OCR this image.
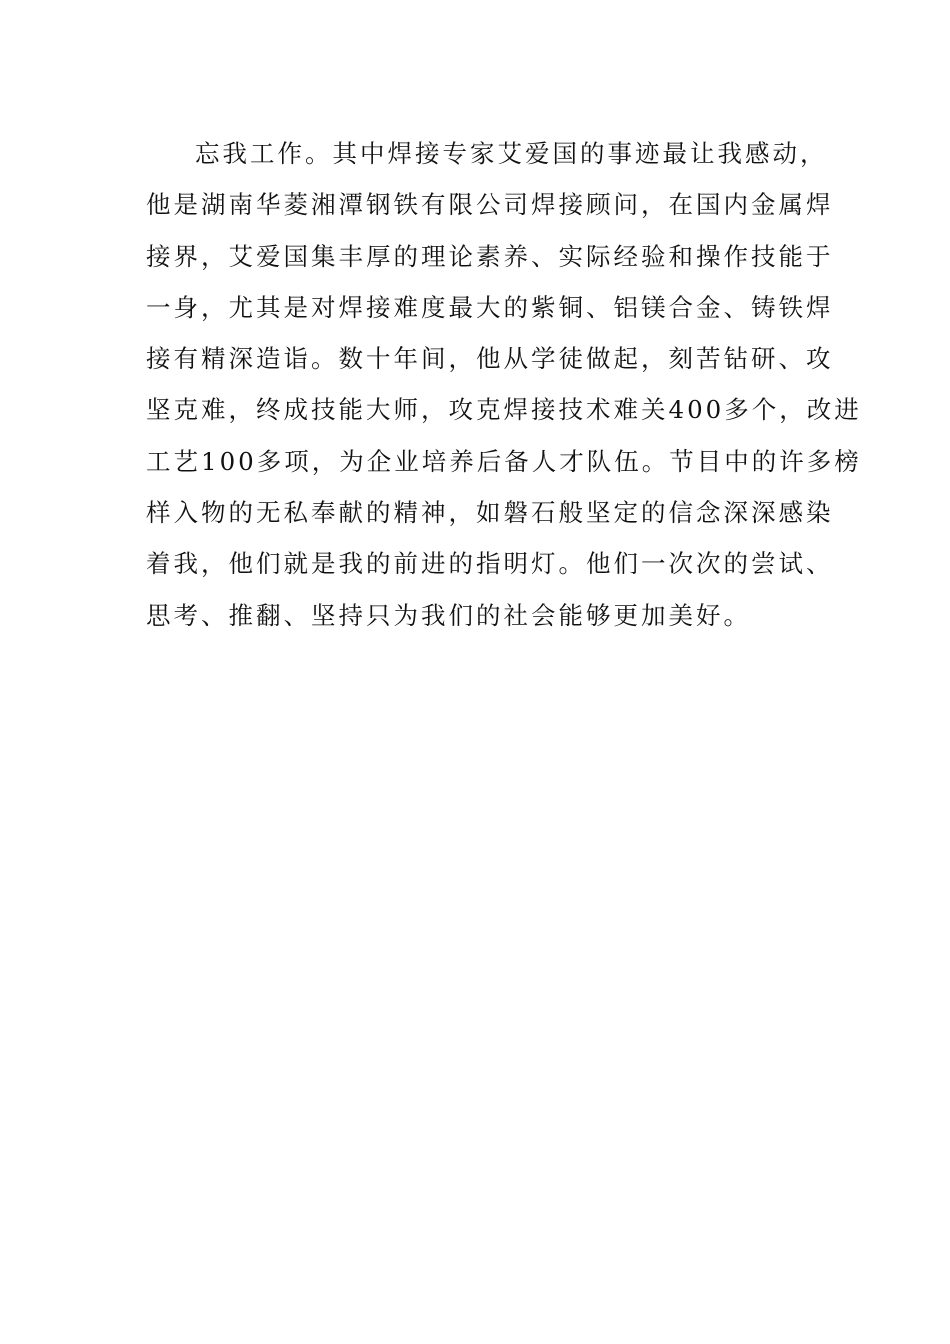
忘我工作。其中焊接专家艾爱国的事迹最让我感动，
他是湖南华菱湘潭钢铁有限公司焊接顾问，在国内金属焊
接界，艾爱国集丰厚的理论素养、实际经验和操作技能于
一身，尤其是对焊接难度最大的紫铜、铝镁合金、铸铁焊
接有精深造诣。数十年间，他从学徒做起，刻苦钻研、攻
坚克难，终成技能大师，攻克焊接技术难关400多个，改进
工艺100多项，为企业培养后备人才队伍。节目中的许多榜
样入物的无私奉献的精神，如磐石般坚定的信念深深感染
着我，他们就是我的前进的指明灯。他们一次次的尝试、
思考、推翻、坚持只为我们的社会能够更加美好。
